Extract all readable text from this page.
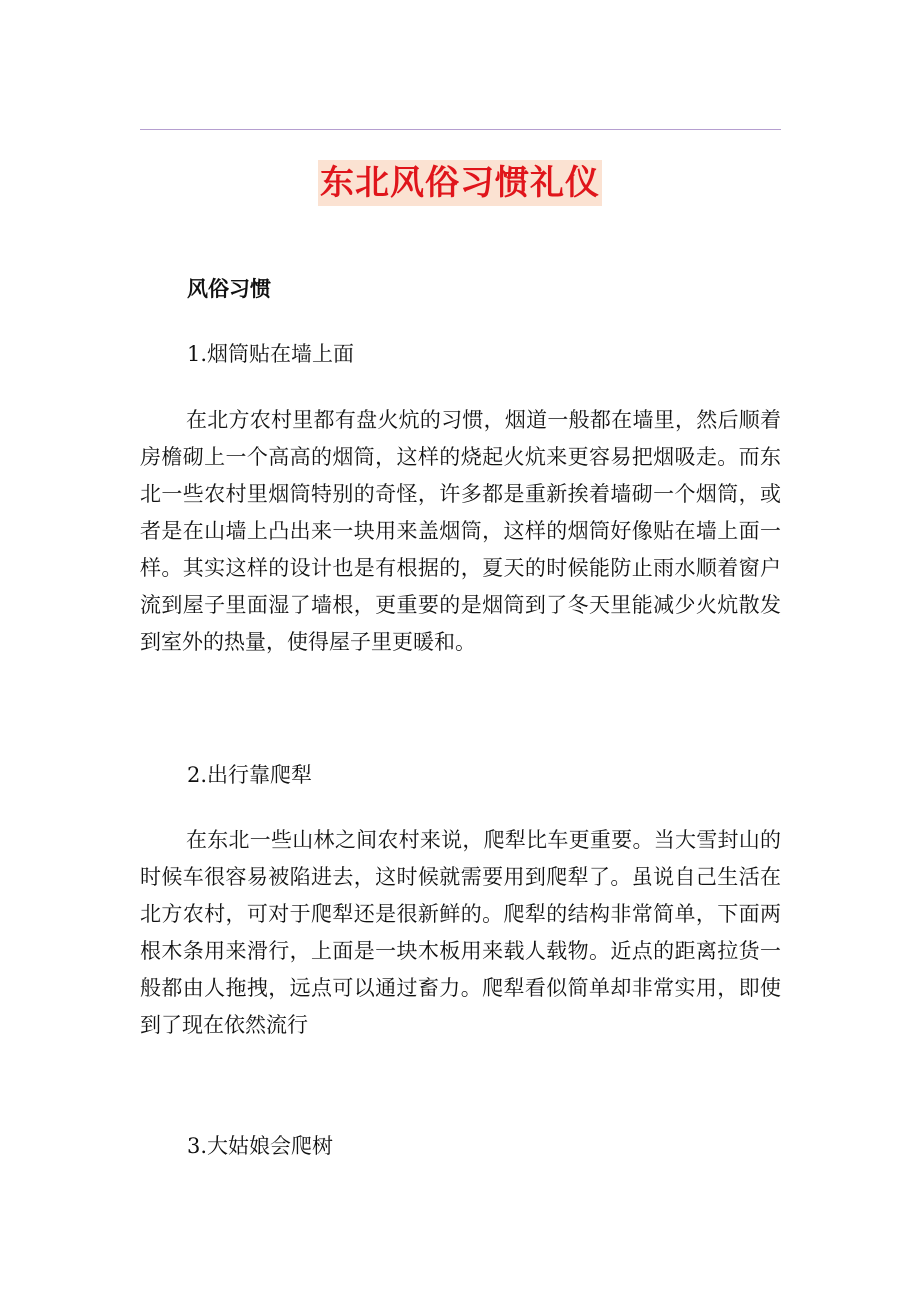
东北风俗习惯礼仪
风俗习惯
1.烟筒贴在墙上面

在北方农村里都有盘火炕的习惯，烟道一般都在墙里，然后顺着房檐砌上一个高高的烟筒，这样的烧起火炕来更容易把烟吸走。而东北一些农村里烟筒特别的奇怪，许多都是重新挨着墙砌一个烟筒，或者是在山墙上凸出来一块用来盖烟筒，这样的烟筒好像贴在墙上面一样。其实这样的设计也是有根据的，夏天的时候能防止雨水顺着窗户流到屋子里面湿了墙根，更重要的是烟筒到了冬天里能减少火炕散发到室外的热量，使得屋子里更暖和。

2.出行靠爬犁

在东北一些山林之间农村来说，爬犁比车更重要。当大雪封山的时候车很容易被陷进去，这时候就需要用到爬犁了。虽说自己生活在北方农村，可对于爬犁还是很新鲜的。爬犁的结构非常简单，下面两根木条用来滑行，上面是一块木板用来载人载物。近点的距离拉货一般都由人拖拽，远点可以通过畜力。爬犁看似简单却非常实用，即使到了现在依然流行

3.大姑娘会爬树
